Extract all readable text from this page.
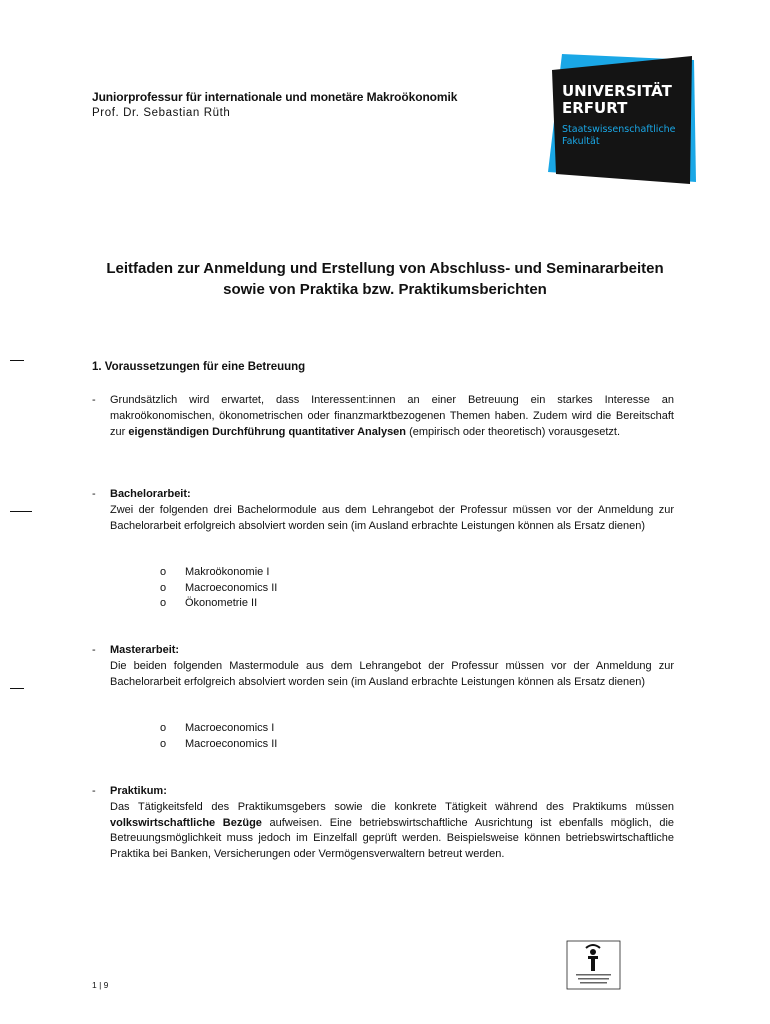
Juniorprofessur für internationale und monetäre Makroökonomik
Prof. Dr. Sebastian Rüth
UNIVERSITÄT
ERFURT
Staatswissenschaftliche
Fakultät
Leitfaden zur Anmeldung und Erstellung von Abschluss- und Seminararbeiten
sowie von Praktika bzw. Praktikumsberichten
1. Voraussetzungen für eine Betreuung
- Grundsätzlich wird erwartet, dass Interessent:innen an einer Betreuung ein starkes Interesse an makroökonomischen, ökonometrischen oder finanzmarktbezogenen Themen haben. Zudem wird die Bereitschaft zur eigenständigen Durchführung quantitativer Analysen (empirisch oder theoretisch) vorausgesetzt.
- Bachelorarbeit:
Zwei der folgenden drei Bachelormodule aus dem Lehrangebot der Professur müssen vor der Anmeldung zur Bachelorarbeit erfolgreich absolviert worden sein (im Ausland erbrachte Leistungen können als Ersatz dienen)
o Makroökonomie I
o Macroeconomics II
o Ökonometrie II
- Masterarbeit:
Die beiden folgenden Mastermodule aus dem Lehrangebot der Professur müssen vor der Anmeldung zur Bachelorarbeit erfolgreich absolviert worden sein (im Ausland erbrachte Leistungen können als Ersatz dienen)
o Macroeconomics I
o Macroeconomics II
- Praktikum:
Das Tätigkeitsfeld des Praktikumsgebers sowie die konkrete Tätigkeit während des Praktikums müssen volkswirtschaftliche Bezüge aufweisen. Eine betriebswirtschaftliche Ausrichtung ist ebenfalls möglich, die Betreuungsmöglichkeit muss jedoch im Einzelfall geprüft werden. Beispielsweise können betriebswirtschaftliche Praktika bei Banken, Versicherungen oder Vermögensverwaltern betreut werden.
1 | 9
